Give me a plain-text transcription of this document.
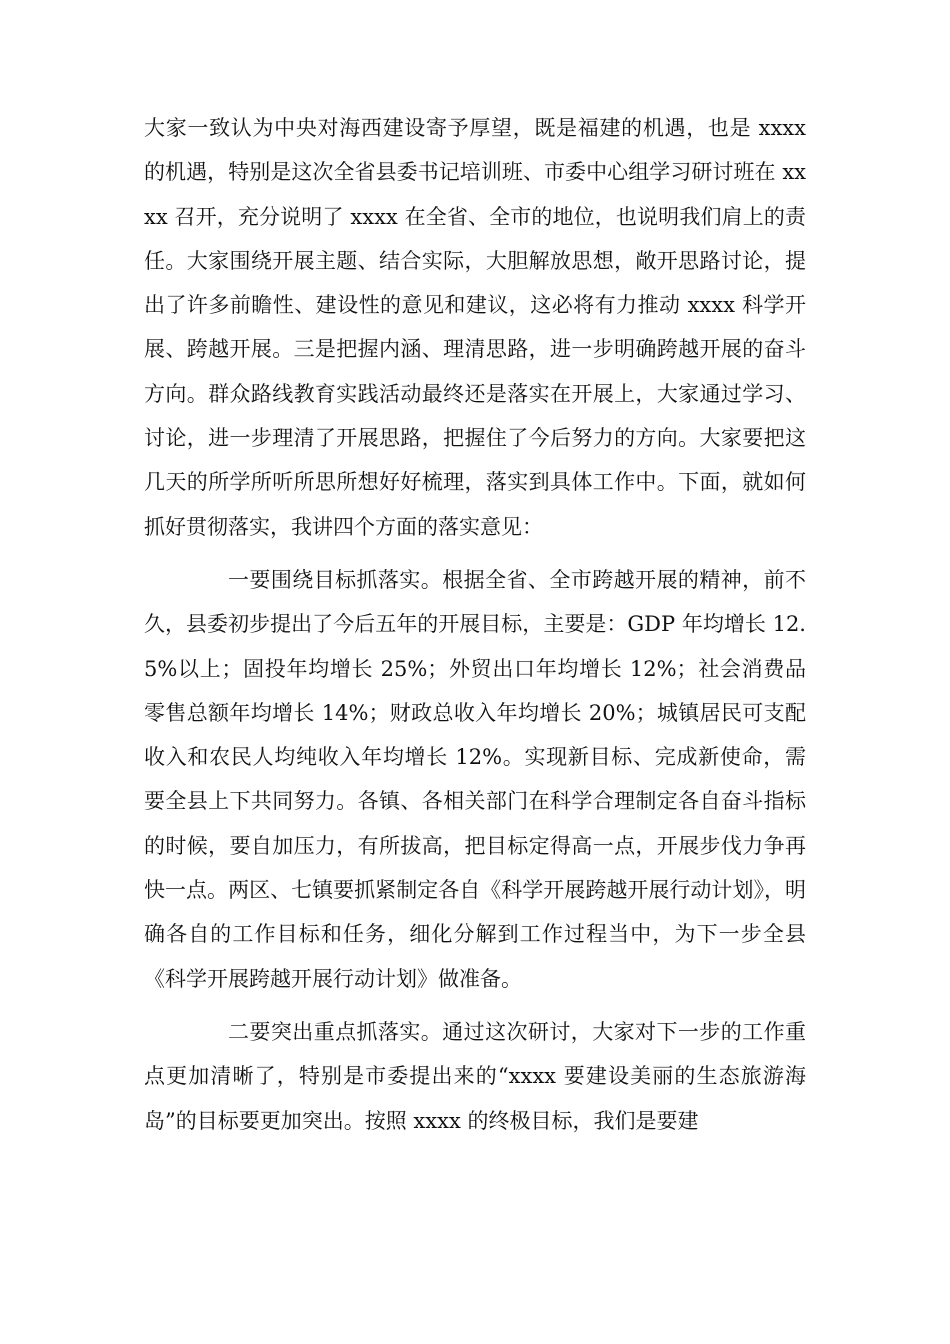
大家一致认为中央对海西建设寄予厚望，既是福建的机遇，也是 xxxx 的机遇，特别是这次全省县委书记培训班、市委中心组学习研讨班在 xxxx 召开，充分说明了 xxxx 在全省、全市的地位，也说明我们肩上的责任。大家围绕开展主题、结合实际，大胆解放思想，敞开思路讨论，提出了许多前瞻性、建设性的意见和建议，这必将有力推动 xxxx 科学开展、跨越开展。三是把握内涵、理清思路，进一步明确跨越开展的奋斗方向。群众路线教育实践活动最终还是落实在开展上，大家通过学习、讨论，进一步理清了开展思路，把握住了今后努力的方向。大家要把这几天的所学所听所思所想好好梳理，落实到具体工作中。下面，就如何抓好贯彻落实，我讲四个方面的落实意见：

一要围绕目标抓落实。根据全省、全市跨越开展的精神，前不久，县委初步提出了今后五年的开展目标，主要是：GDP 年均增长 12.5%以上；固投年均增长 25%；外贸出口年均增长 12%；社会消费品零售总额年均增长 14%；财政总收入年均增长 20%；城镇居民可支配收入和农民人均纯收入年均增长 12%。实现新目标、完成新使命，需要全县上下共同努力。各镇、各相关部门在科学合理制定各自奋斗指标的时候，要自加压力，有所拔高，把目标定得高一点，开展步伐力争再快一点。两区、七镇要抓紧制定各自《科学开展跨越开展行动计划》，明确各自的工作目标和任务，细化分解到工作过程当中，为下一步全县《科学开展跨越开展行动计划》做准备。

二要突出重点抓落实。通过这次研讨，大家对下一步的工作重点更加清晰了，特别是市委提出来的“xxxx 要建设美丽的生态旅游海岛”的目标要更加突出。按照 xxxx 的终极目标，我们是要建
